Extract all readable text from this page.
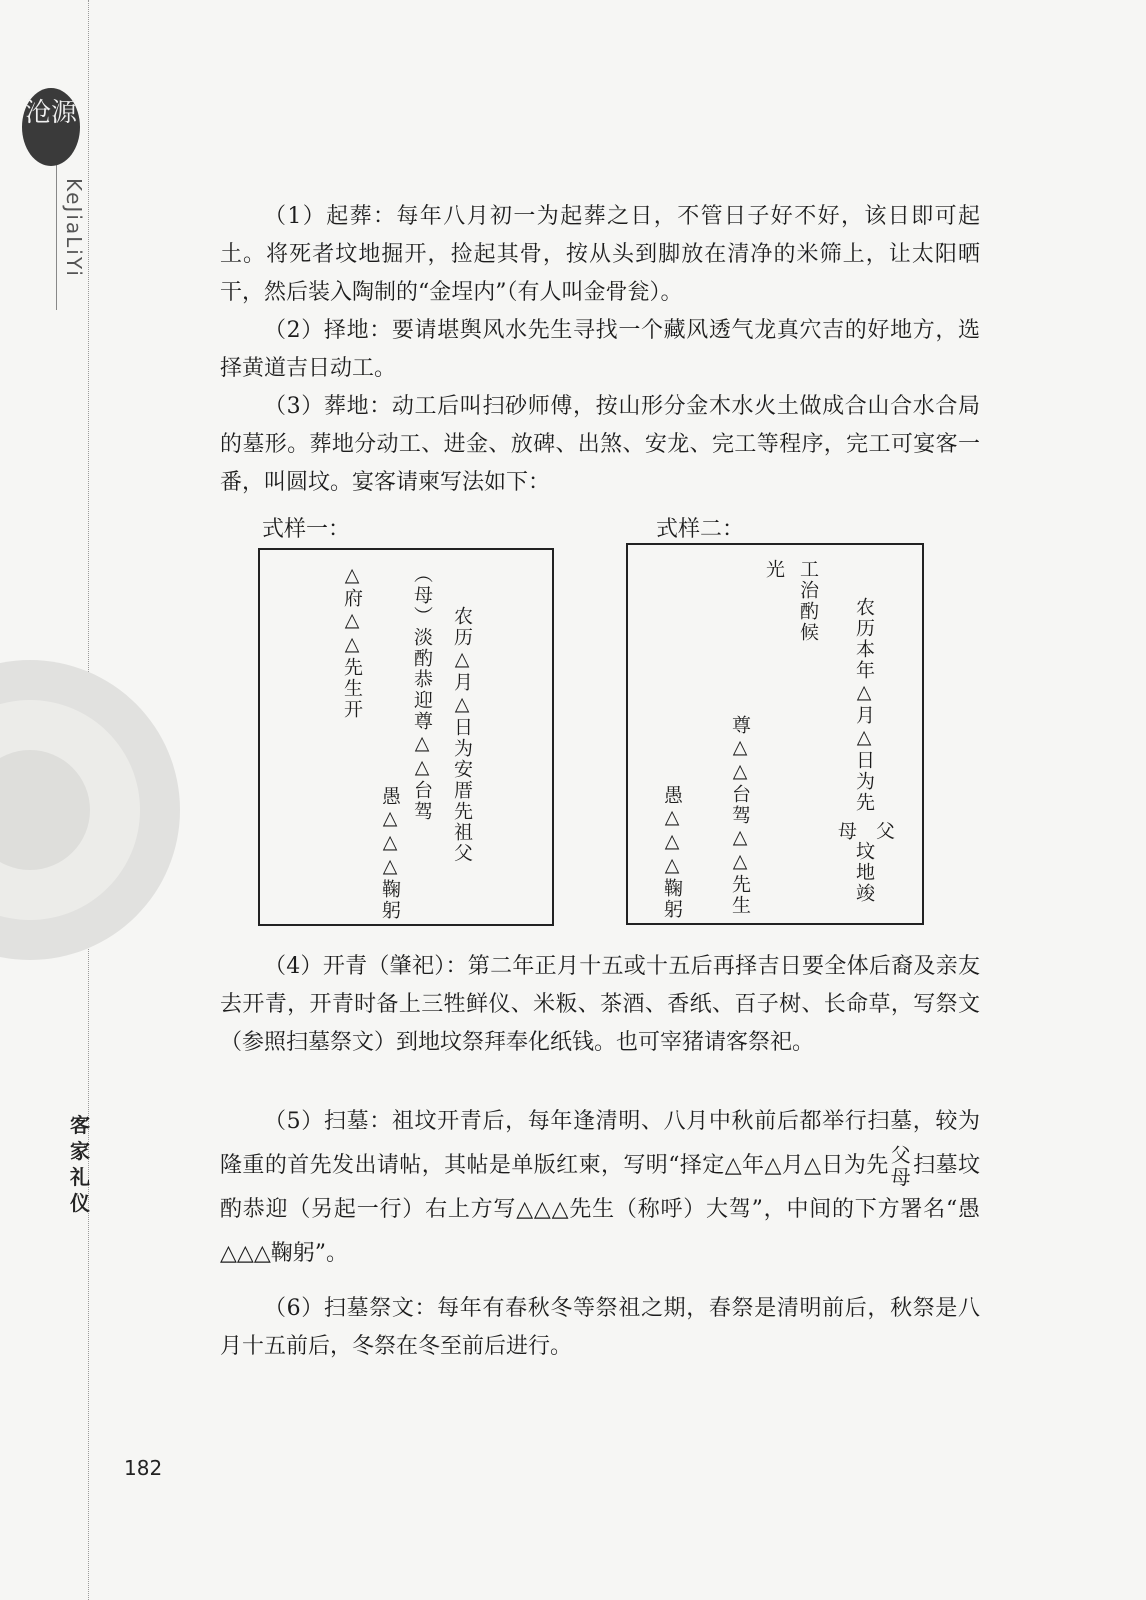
沧源
KeJiaLiYi
客家礼仪
182

（1）起葬：每年八月初一为起葬之日，不管日子好不好，该日即可起土。将死者坟地掘开，捡起其骨，按从头到脚放在清净的米筛上，让太阳晒干，然后装入陶制的“金埕内”（有人叫金骨瓮）。

（2）择地：要请堪舆风水先生寻找一个藏风透气龙真穴吉的好地方，选择黄道吉日动工。

（3）葬地：动工后叫扫砂师傅，按山形分金木水火土做成合山合水合局的墓形。葬地分动工、进金、放碑、出煞、安龙、完工等程序，完工可宴客一番，叫圆坟。宴客请柬写法如下：

式样一：
农历△月△日为安厝先祖父
（母）淡酌恭迎尊△△台驾
愚△△△鞠躬
△府△△先生开
式样二：
农历本年△月△日为先
父
母
坟地竣
工治酌候
光
尊△△台驾△△先生
愚△△△鞠躬

（4）开青（肇祀）：第二年正月十五或十五后再择吉日要全体后裔及亲友去开青，开青时备上三牲鲜仪、米粄、茶酒、香纸、百子树、长命草，写祭文（参照扫墓祭文）到地坟祭拜奉化纸钱。也可宰猪请客祭祀。

（5）扫墓：祖坟开青后，每年逢清明、八月中秋前后都举行扫墓，较为隆重的首先发出请帖，其帖是单版红柬，写明“择定△年△月△日为先 父
母 扫墓坟酌恭迎（另起一行）右上方写△△△先生（称呼）大驾”，中间的下方署名“愚△△△鞠躬”。

（6）扫墓祭文：每年有春秋冬等祭祖之期，春祭是清明前后，秋祭是八月十五前后，冬祭在冬至前后进行。
